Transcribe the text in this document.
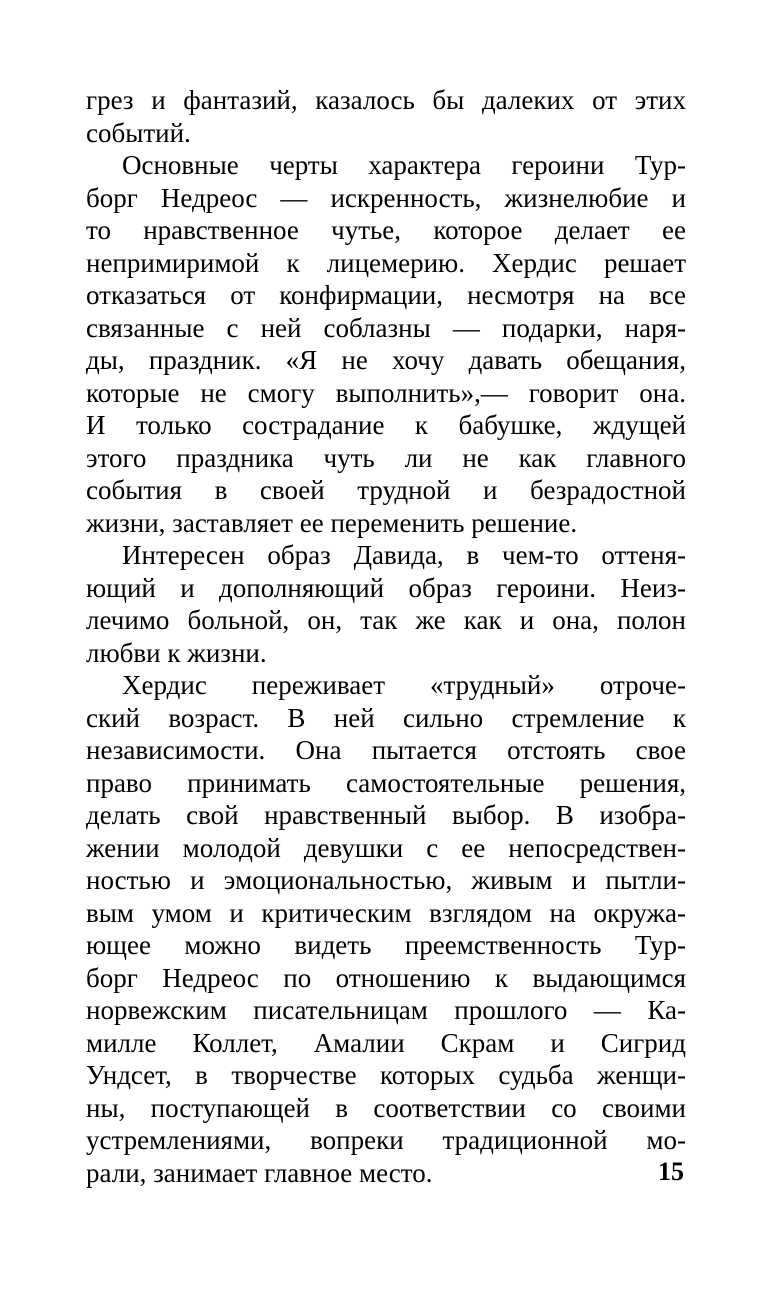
грез и фантазий, казалось бы далеких от этих
событий.
Основные черты характера героини Тур-
борг Недреос — искренность, жизнелюбие и
то нравственное чутье, которое делает ее
непримиримой к лицемерию. Хердис решает
отказаться от конфирмации, несмотря на все
связанные с ней соблазны — подарки, наря-
ды, праздник. «Я не хочу давать обещания,
которые не смогу выполнить»,— говорит она.
И только сострадание к бабушке, ждущей
этого праздника чуть ли не как главного
события в своей трудной и безрадостной
жизни, заставляет ее переменить решение.
Интересен образ Давида, в чем-то оттеня-
ющий и дополняющий образ героини. Неиз-
лечимо больной, он, так же как и она, полон
любви к жизни.
Хердис переживает «трудный» отроче-
ский возраст. В ней сильно стремление к
независимости. Она пытается отстоять свое
право принимать самостоятельные решения,
делать свой нравственный выбор. В изобра-
жении молодой девушки с ее непосредствен-
ностью и эмоциональностью, живым и пытли-
вым умом и критическим взглядом на окружа-
ющее можно видеть преемственность Тур-
борг Недреос по отношению к выдающимся
норвежским писательницам прошлого — Ка-
милле Коллет, Амалии Скрам и Сигрид
Ундсет, в творчестве которых судьба женщи-
ны, поступающей в соответствии со своими
устремлениями, вопреки традиционной мо-
рали, занимает главное место.	15
